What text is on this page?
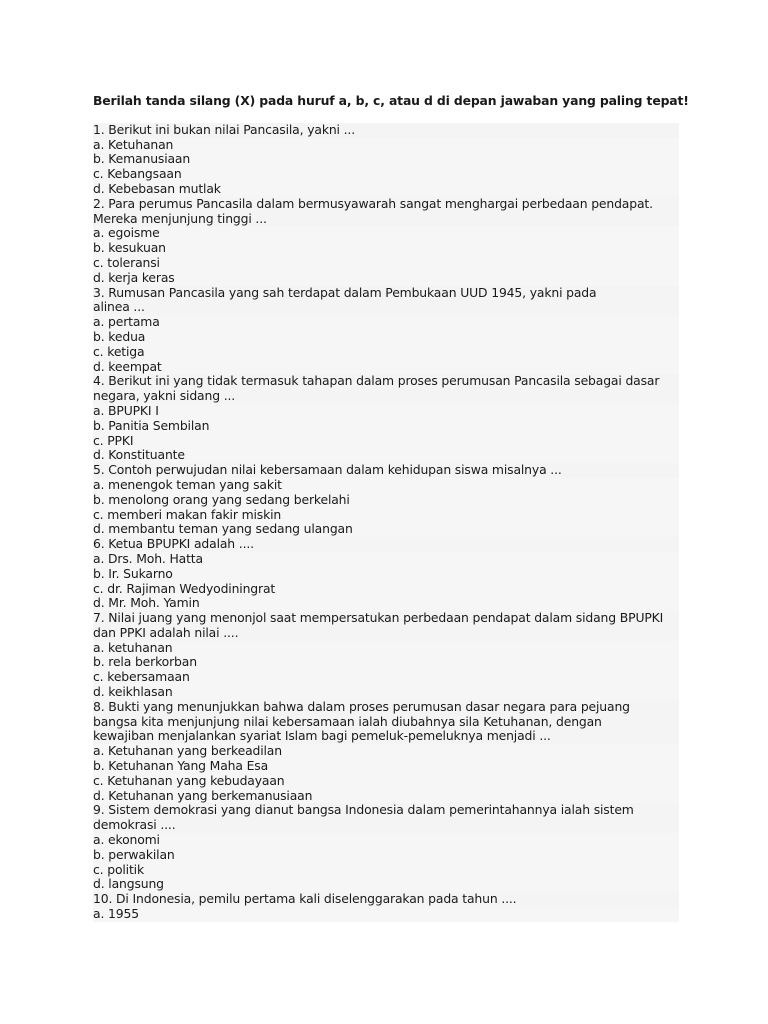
Berilah tanda silang (X) pada huruf a, b, c, atau d di depan jawaban yang paling tepat!
1. Berikut ini bukan nilai Pancasila, yakni ...
a. Ketuhanan
b. Kemanusiaan
c. Kebangsaan
d. Kebebasan mutlak
2. Para perumus Pancasila dalam bermusyawarah sangat menghargai perbedaan pendapat.
Mereka menjunjung tinggi ...
a. egoisme
b. kesukuan
c. toleransi
d. kerja keras
3. Rumusan Pancasila yang sah terdapat dalam Pembukaan UUD 1945, yakni pada
alinea ...
a. pertama
b. kedua
c. ketiga
d. keempat
4. Berikut ini yang tidak termasuk tahapan dalam proses perumusan Pancasila sebagai dasar
negara, yakni sidang ...
a. BPUPKI I
b. Panitia Sembilan
c. PPKI
d. Konstituante
5. Contoh perwujudan nilai kebersamaan dalam kehidupan siswa misalnya ...
a. menengok teman yang sakit
b. menolong orang yang sedang berkelahi
c. memberi makan fakir miskin
d. membantu teman yang sedang ulangan
6. Ketua BPUPKI adalah ....
a. Drs. Moh. Hatta
b. Ir. Sukarno
c. dr. Rajiman Wedyodiningrat
d. Mr. Moh. Yamin
7. Nilai juang yang menonjol saat mempersatukan perbedaan pendapat dalam sidang BPUPKI
dan PPKI adalah nilai ....
a. ketuhanan
b. rela berkorban
c. kebersamaan
d. keikhlasan
8. Bukti yang menunjukkan bahwa dalam proses perumusan dasar negara para pejuang
bangsa kita menjunjung nilai kebersamaan ialah diubahnya sila Ketuhanan, dengan
kewajiban menjalankan syariat Islam bagi pemeluk-pemeluknya menjadi ...
a. Ketuhanan yang berkeadilan
b. Ketuhanan Yang Maha Esa
c. Ketuhanan yang kebudayaan
d. Ketuhanan yang berkemanusiaan
9. Sistem demokrasi yang dianut bangsa Indonesia dalam pemerintahannya ialah sistem
demokrasi ....
a. ekonomi
b. perwakilan
c. politik
d. langsung
10. Di Indonesia, pemilu pertama kali diselenggarakan pada tahun ....
a. 1955
